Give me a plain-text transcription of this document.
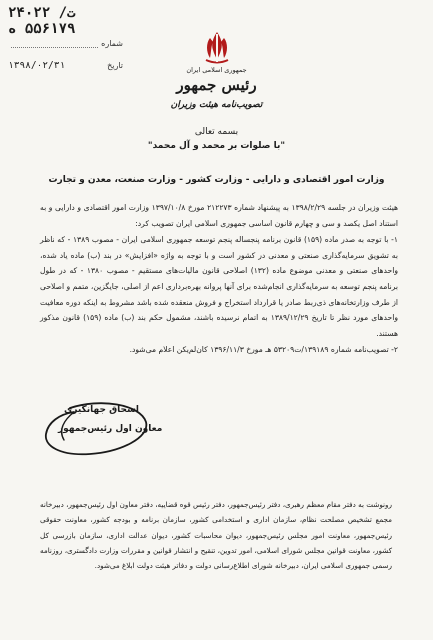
۲۴۰۲۲ /ت ۵۵۶۱۷۹ ه
شماره
تاریخ
۱۳۹۸/۰۲/۳۱	جمهوری اسلامی ایران
رئیس جمهور
تصویب‌نامه هیئت وزیران
بسمه تعالی
"با صلوات بر محمد و آل محمد"
وزارت امور اقتصادی و دارایی - وزارت کشور - وزارت صنعت، معدن و تجارت

هیئت وزیران در جلسه ۱۳۹۸/۲/۲۹ به پیشنهاد شماره ۲۱۲۲۷۳ مورخ ۱۳۹۷/۱۰/۸ وزارت امور اقتصادی و دارایی و به استناد اصل یکصد و سی و چهارم قانون اساسی جمهوری اسلامی ایران تصویب کرد:

۱- با توجه به صدر ماده (۱۵۹) قانون برنامه پنجساله پنجم توسعه جمهوری اسلامی ایران - مصوب ۱۳۸۹ - که ناظر به تشویق سرمایه‌گذاری صنعتی و معدنی در کشور است و با توجه به واژه «افزایش» در بند (ب) ماده یاد شده، واحدهای صنعتی و معدنی موضوع ماده (۱۳۲) اصلاحی قانون مالیات‌های مستقیم - مصوب ۱۳۸۰ - که در طول برنامه پنجم توسعه به سرمایه‌گذاری انجام‌شده برای آنها پروانه بهره‌برداری اعم از اصلی، جایگزین، متمم و اصلاحی از طرف وزارتخانه‌های ذی‌ربط صادر یا قرارداد استخراج و فروش منعقده شده باشد مشروط به اینکه دوره معافیت واحدهای مورد نظر تا تاریخ ۱۳۸۹/۱۲/۲۹ به اتمام نرسیده باشند، مشمول حکم بند (ب) ماده (۱۵۹) قانون مذکور هستند.

۲- تصویب‌نامه شماره ۱۳۹۱۸۹/ت۵۳۲۰۹ هـ مورخ ۱۳۹۶/۱۱/۳ کان‌لم‌یکن اعلام می‌شود.

اسحاق جهانگیری
معاون اول رئیس‌جمهور
رونوشت به دفتر مقام معظم رهبری، دفتر رئیس‌جمهور، دفتر رئیس قوه قضاییه، دفتر معاون اول رئیس‌جمهور، دبیرخانه مجمع تشخیص مصلحت نظام، سازمان اداری و استخدامی کشور، سازمان برنامه و بودجه کشور، معاونت حقوقی رئیس‌جمهور، معاونت امور مجلس رئیس‌جمهور، دیوان محاسبات کشور، دیوان عدالت اداری، سازمان بازرسی کل کشور، معاونت قوانین مجلس شورای اسلامی، امور تدوین، تنقیح و انتشار قوانین و مقررات وزارت دادگستری، روزنامه رسمی جمهوری اسلامی ایران، دبیرخانه شورای اطلاع‌رسانی دولت و دفاتر هیئت دولت ابلاغ می‌شود.
